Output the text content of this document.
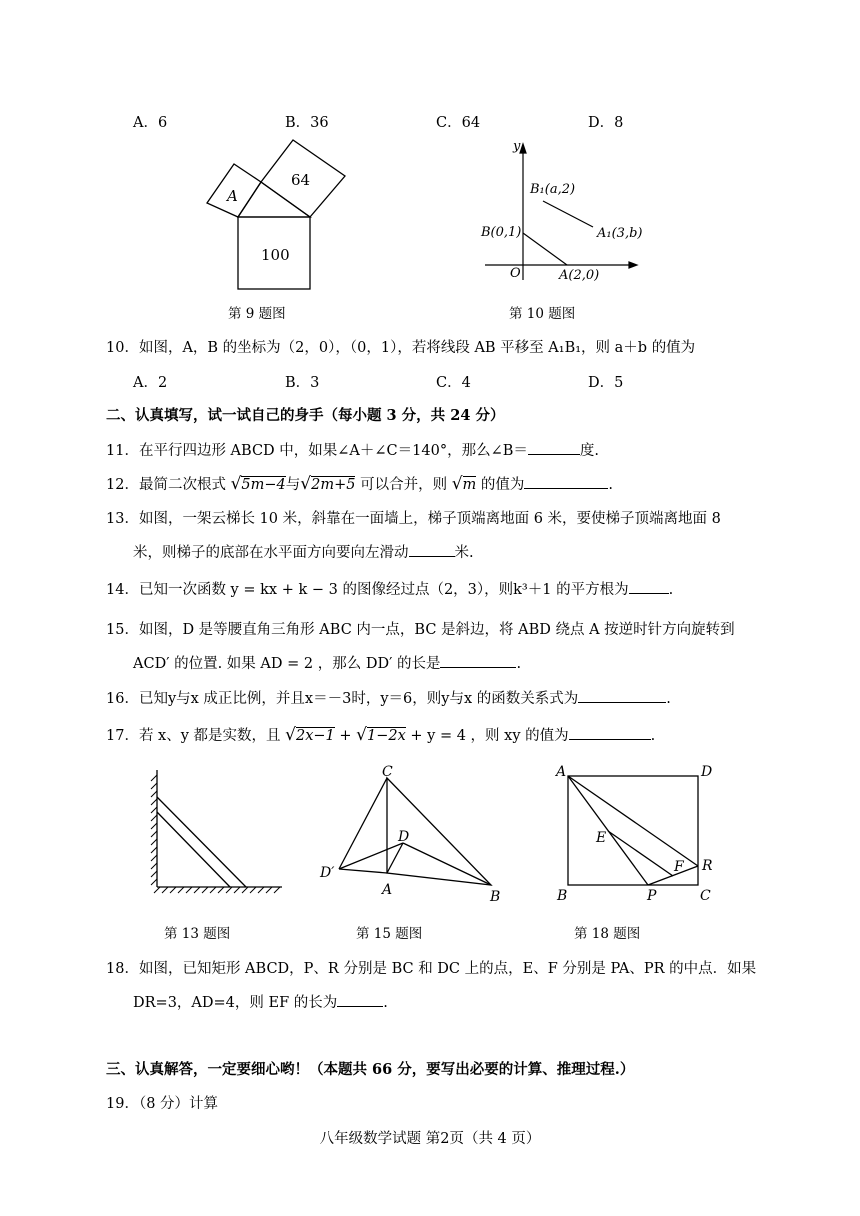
A．6	B．36	C．64	D．8
A
64
100
第 9 题图
y
B₁(a,2)
A₁(3,b)
B(0,1)
O	A(2,0)
第 10 题图
10．如图，A，B 的坐标为（2，0），（0，1），若将线段 AB 平移至 A₁B₁，则 a＋b 的值为
A．2	B．3	C．4	D．5
二、认真填写，试一试自己的身手（每小题 3 分，共 24 分）
11．在平行四边形 ABCD 中，如果∠A＋∠C＝140°，那么∠B＝	度.
12．最简二次根式 √5m−4与√2m+5 可以合并，则 √m 的值为	.
13．如图，一架云梯长 10 米，斜靠在一面墙上，梯子顶端离地面 6 米，要使梯子顶端离地面 8
米，则梯子的底部在水平面方向要向左滑动	米.
14．已知一次函数 y = kx + k − 3 的图像经过点（2，3），则k³＋1 的平方根为	.
15．如图，D 是等腰直角三角形 ABC 内一点，BC 是斜边，将 ABD 绕点 A 按逆时针方向旋转到
ACD′ 的位置. 如果 AD = 2 ，那么 DD′ 的长是	.
16．已知y与x 成正比例，并且x＝－3时，y＝6，则y与x 的函数关系式为	.
17．若 x、y 都是实数，且 √2x−1 + √1−2x + y = 4 ，则 xy 的值为	.
第 13 题图
C
D
D′
A	B
第 15 题图
A	D
E
F R
B	P	C
第 18 题图
18．如图，已知矩形 ABCD，P、R 分别是 BC 和 DC 上的点，E、F 分别是 PA、PR 的中点．如果
DR=3，AD=4，则 EF 的长为	.
三、认真解答，一定要细心哟！（本题共 66 分，要写出必要的计算、推理过程.）
19．（8 分）计算
八年级数学试题 第2页（共 4 页）
